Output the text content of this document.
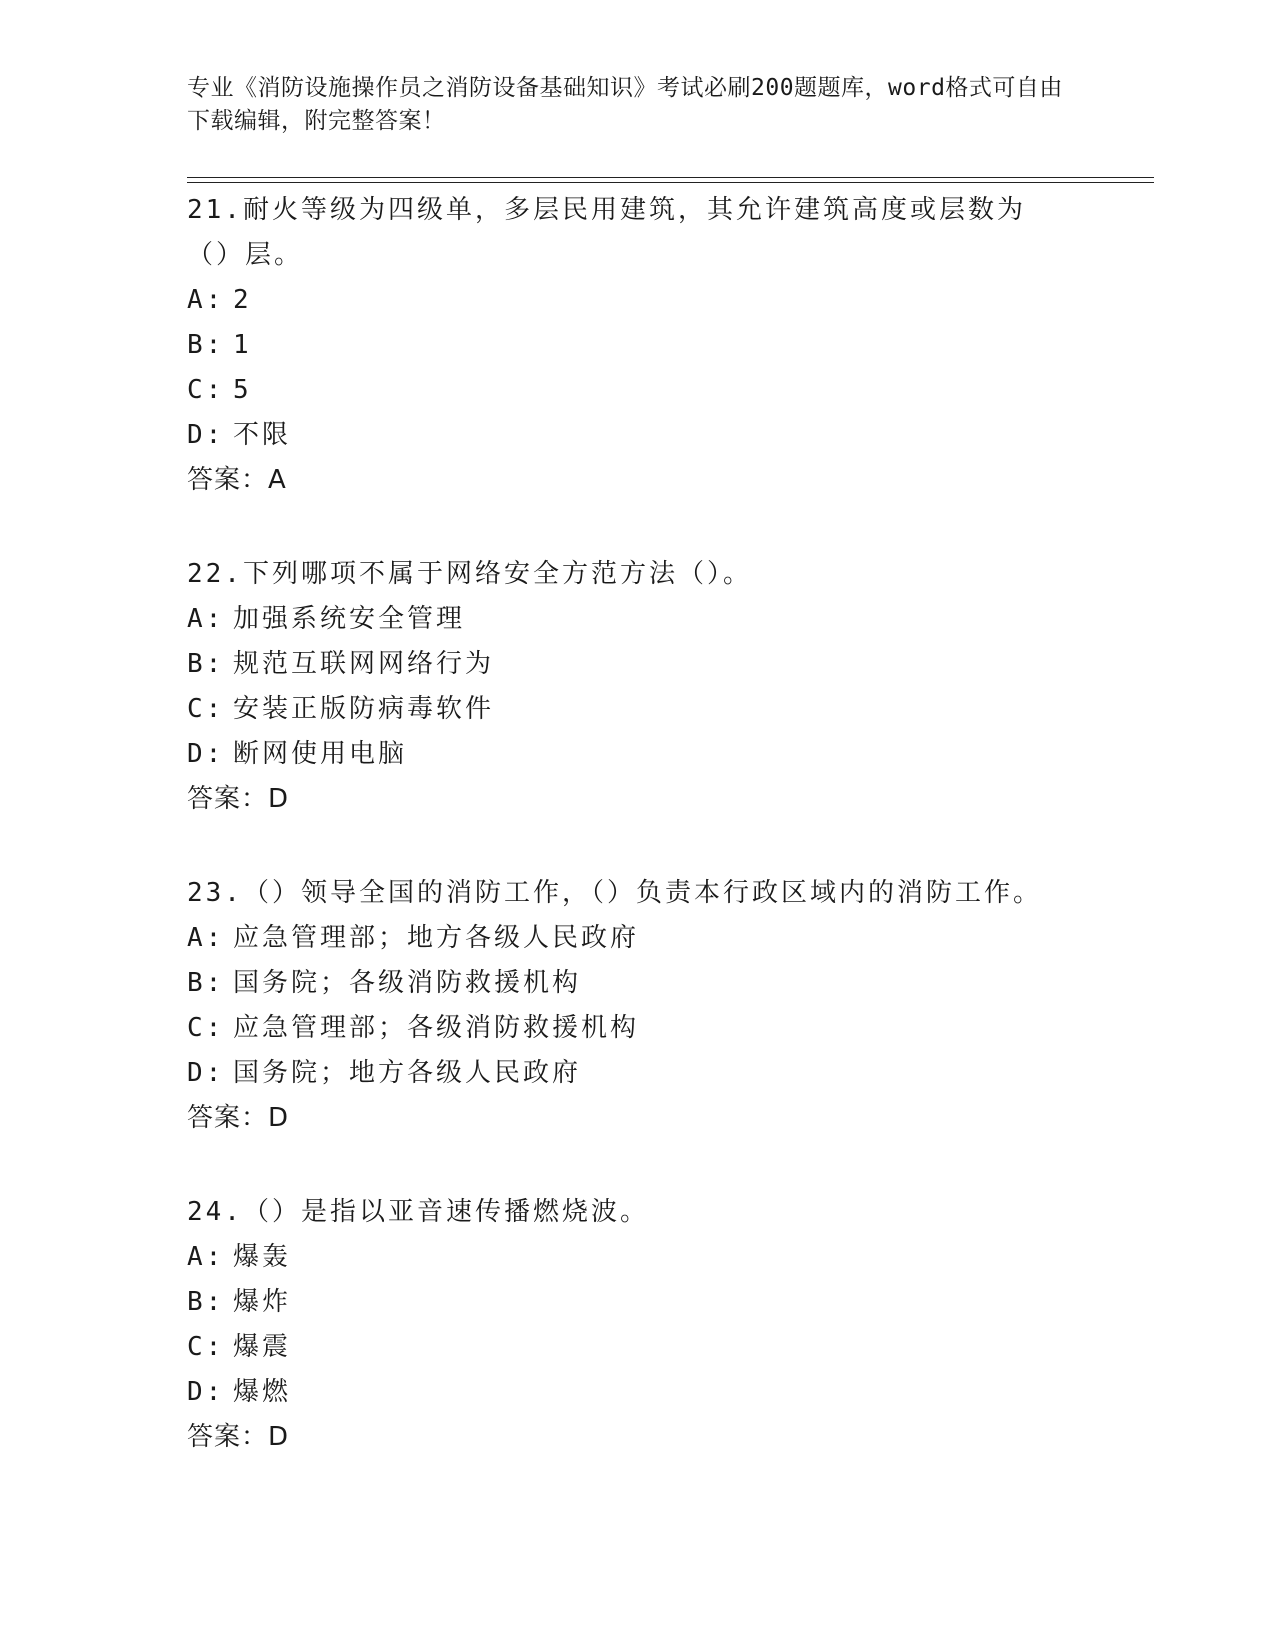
专业《消防设施操作员之消防设备基础知识》考试必刷200题题库，word格式可自由下载编辑，附完整答案！

21.耐火等级为四级单，多层民用建筑，其允许建筑高度或层数为（）层。

A: 2

B: 1

C: 5

D: 不限

答案：A

22.下列哪项不属于网络安全方范方法（）。

A: 加强系统安全管理

B: 规范互联网网络行为

C: 安装正版防病毒软件

D: 断网使用电脑

答案：D

23.（）领导全国的消防工作，（）负责本行政区域内的消防工作。

A: 应急管理部；地方各级人民政府

B: 国务院；各级消防救援机构

C: 应急管理部；各级消防救援机构

D: 国务院；地方各级人民政府

答案：D

24.（）是指以亚音速传播燃烧波。

A: 爆轰

B: 爆炸

C: 爆震

D: 爆燃

答案：D
